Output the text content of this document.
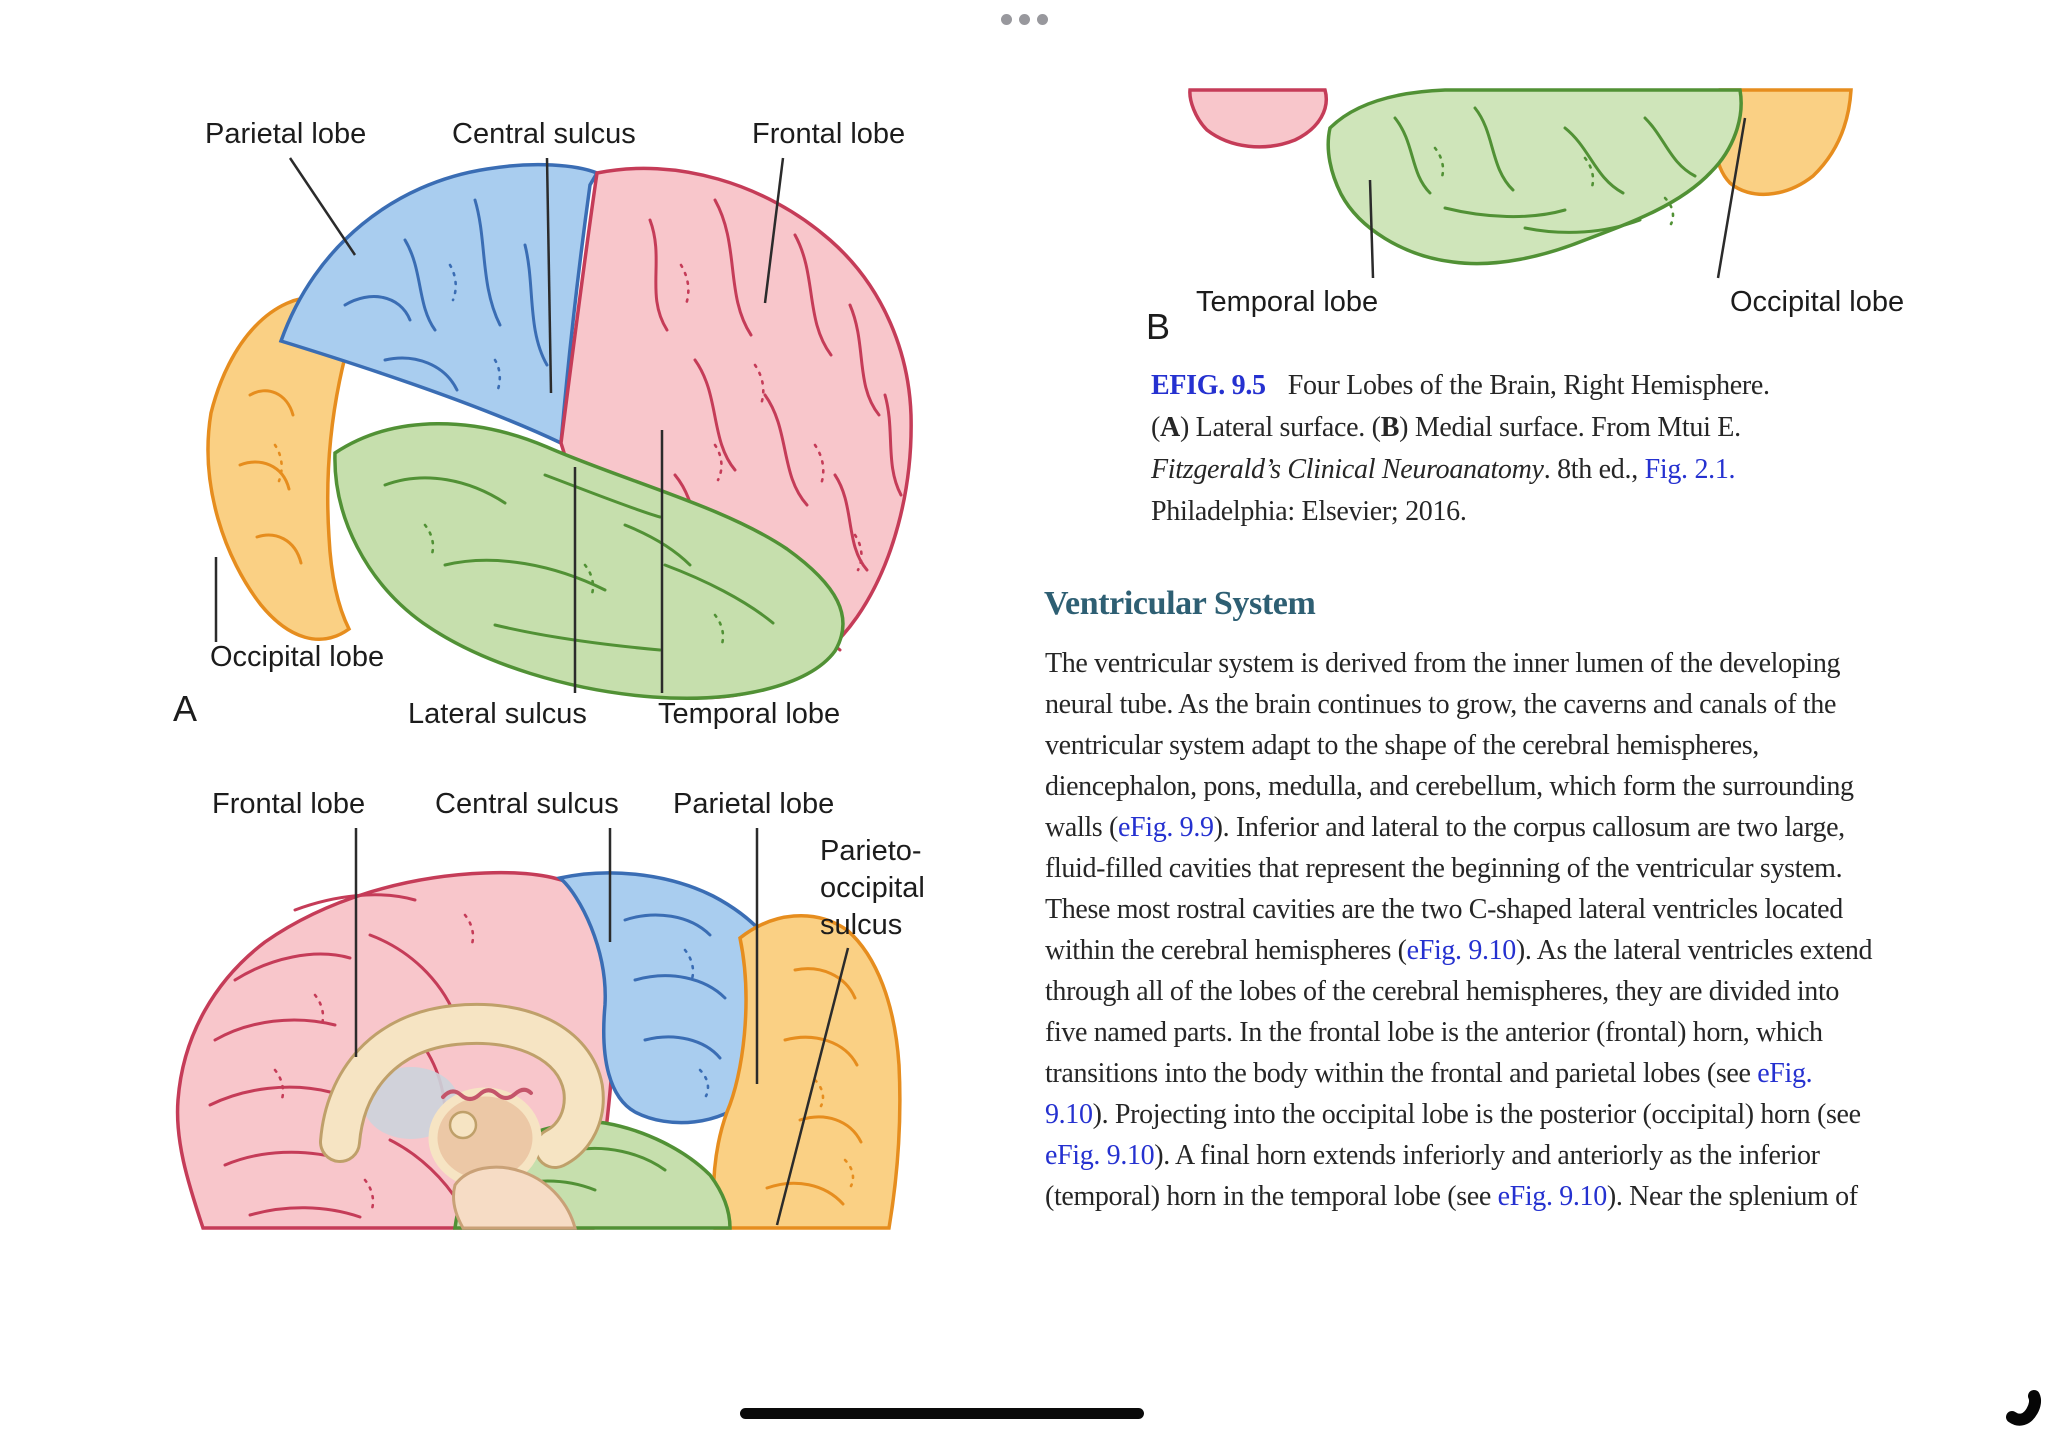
Parietal lobe	Central sulcus	Frontal lobe
Occipital lobe
A	Lateral sulcus Temporal lobe
Temporal lobe
B
Occipital lobe
Frontal lobe Central sulcus Parietal lobe
Parieto-
occipital
sulcus
EFIG. 9.5 Four Lobes of the Brain, Right Hemisphere.
(A) Lateral surface. (B) Medial surface. From Mtui E.
Fitzgerald’s Clinical Neuroanatomy. 8th ed., Fig. 2.1.
Philadelphia: Elsevier; 2016.
Ventricular System
The ventricular system is derived from the inner lumen of the developing
neural tube. As the brain continues to grow, the caverns and canals of the
ventricular system adapt to the shape of the cerebral hemispheres,
diencephalon, pons, medulla, and cerebellum, which form the surrounding
walls (eFig. 9.9). Inferior and lateral to the corpus callosum are two large,
fluid-filled cavities that represent the beginning of the ventricular system.
These most rostral cavities are the two C-shaped lateral ventricles located
within the cerebral hemispheres (eFig. 9.10). As the lateral ventricles extend
through all of the lobes of the cerebral hemispheres, they are divided into
five named parts. In the frontal lobe is the anterior (frontal) horn, which
transitions into the body within the frontal and parietal lobes (see eFig.
9.10). Projecting into the occipital lobe is the posterior (occipital) horn (see
eFig. 9.10). A final horn extends inferiorly and anteriorly as the inferior
(temporal) horn in the temporal lobe (see eFig. 9.10). Near the splenium of
